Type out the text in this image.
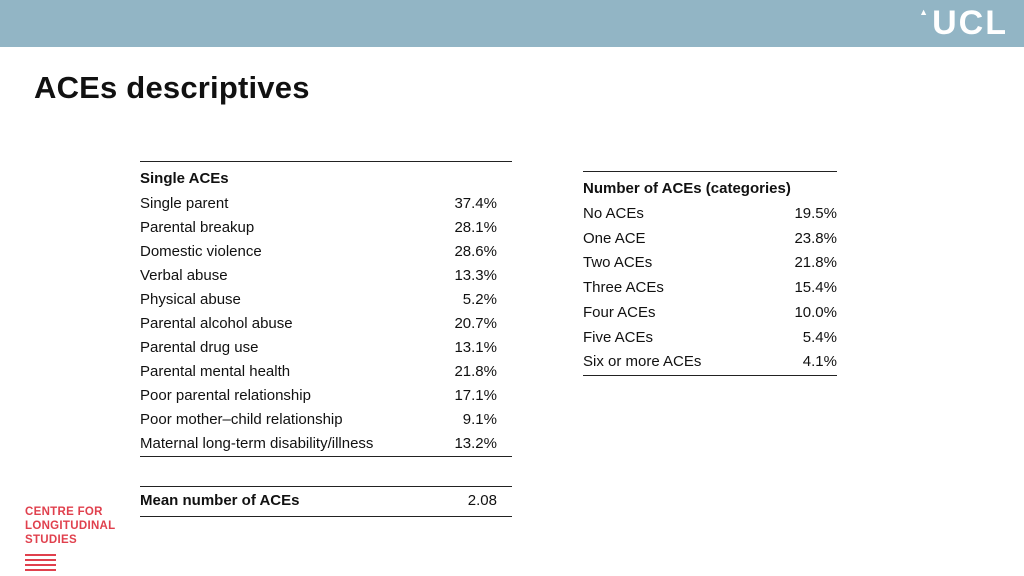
▲ UCL
ACEs descriptives
Single ACEs
Single parent	37.4%
Parental breakup	28.1%
Domestic violence	28.6%
Verbal abuse	13.3%
Physical abuse	5.2%
Parental alcohol abuse	20.7%
Parental drug use	13.1%
Parental mental health	21.8%
Poor parental relationship	17.1%
Poor mother–child relationship	9.1%
Maternal long-term disability/illness	13.2%
Mean number of ACEs	2.08
Number of ACEs (categories)
No ACEs	19.5%
One ACE	23.8%
Two ACEs	21.8%
Three ACEs	15.4%
Four ACEs	10.0%
Five ACEs	5.4%
Six or more ACEs	4.1%
CENTRE FOR
LONGITUDINAL
STUDIES
